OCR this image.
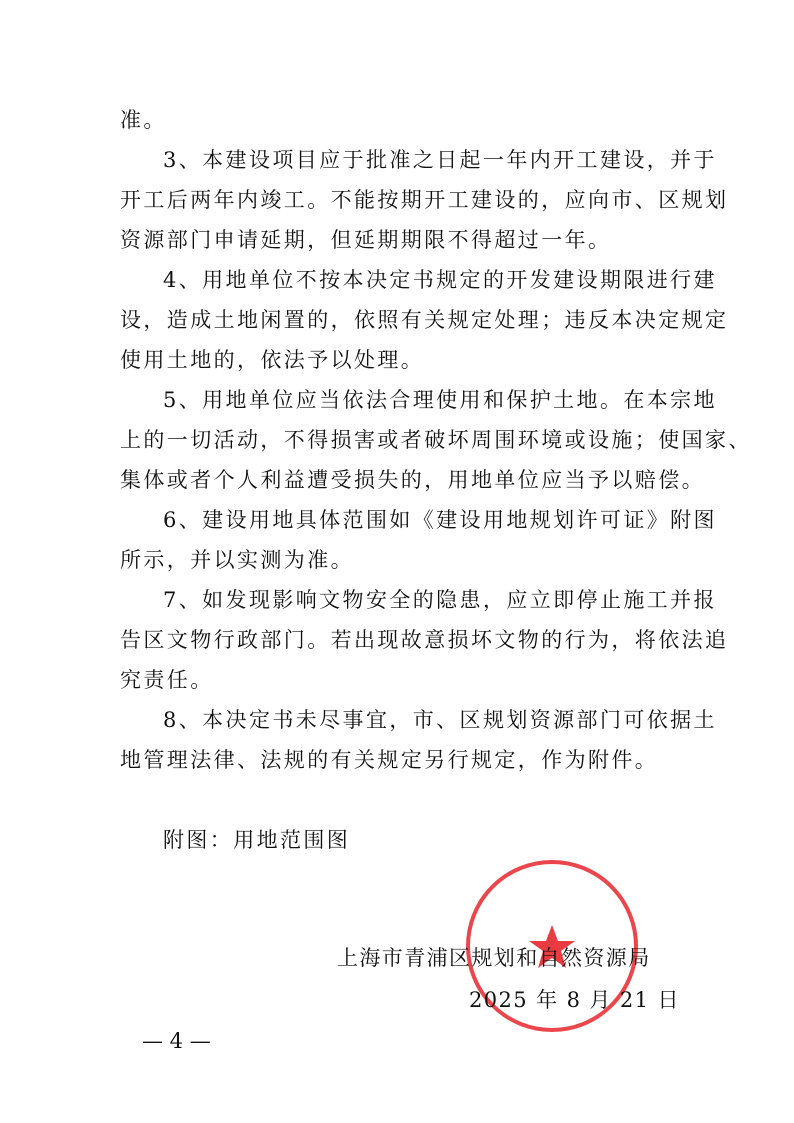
准。
3、本建设项目应于批准之日起一年内开工建设，并于
开工后两年内竣工。不能按期开工建设的，应向市、区规划
资源部门申请延期，但延期期限不得超过一年。
4、用地单位不按本决定书规定的开发建设期限进行建
设，造成土地闲置的，依照有关规定处理；违反本决定规定
使用土地的，依法予以处理。
5、用地单位应当依法合理使用和保护土地。在本宗地
上的一切活动，不得损害或者破坏周围环境或设施；使国家、
集体或者个人利益遭受损失的，用地单位应当予以赔偿。
6、建设用地具体范围如《建设用地规划许可证》附图
所示，并以实测为准。
7、如发现影响文物安全的隐患，应立即停止施工并报
告区文物行政部门。若出现故意损坏文物的行为，将依法追
究责任。
8、本决定书未尽事宜，市、区规划资源部门可依据土
地管理法律、法规的有关规定另行规定，作为附件。
附图：用地范围图
上海市青浦区规划和自然资源局
2025 年 8 月 21 日
— 4 —
